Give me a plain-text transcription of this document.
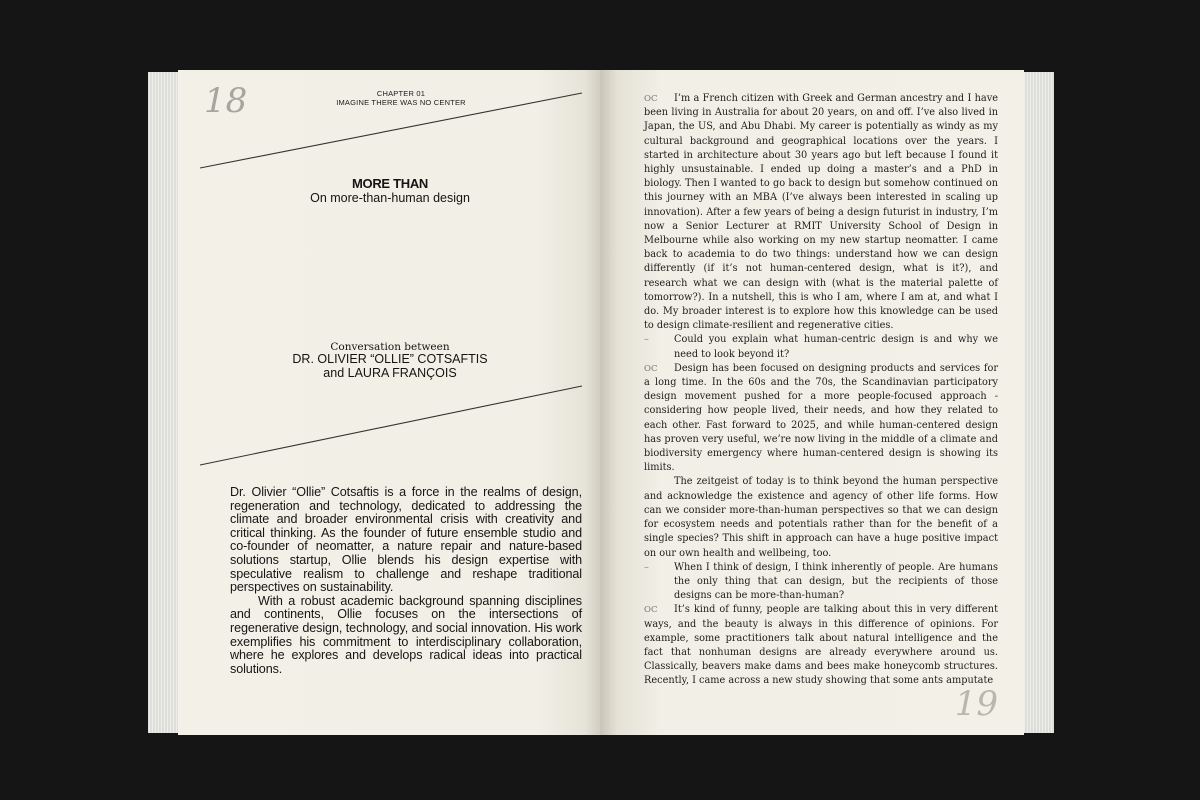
18	CHAPTER 01
IMAGINE THERE WAS NO CENTER
MORE THAN
On more-than-human design
Conversation between
DR. OLIVIER “OLLIE” COTSAFTIS
and LAURA FRANÇOIS

Dr. Olivier “Ollie” Cotsaftis is a force in the realms of design, regeneration and technology, dedicated to addressing the climate and broader environmental crisis with creativity and critical thinking. As the founder of future ensemble studio and co-founder of neomatter, a nature repair and nature-based solutions startup, Ollie blends his design expertise with speculative realism to challenge and reshape traditional perspectives on sustainability.

With a robust academic background spanning disciplines and continents, Ollie focuses on the intersections of regenerative design, technology, and social innovation. His work exemplifies his commitment to interdisciplinary collaboration, where he explores and develops radical ideas into practical solutions.

OC I’m a French citizen with Greek and German ancestry and I have been living in Australia for about 20 years, on and off. I’ve also lived in Japan, the US, and Abu Dhabi. My career is potentially as windy as my cultural background and geographical locations over the years. I started in architecture about 30 years ago but left because I found it highly unsustainable. I ended up doing a master’s and a PhD in biology. Then I wanted to go back to design but somehow continued on this journey with an MBA (I’ve always been interested in scaling up innovation). After a few years of being a design futurist in industry, I’m now a Senior Lecturer at RMIT University School of Design in Melbourne while also working on my new startup neomatter. I came back to academia to do two things: understand how we can design differently (if it’s not human-centered design, what is it?), and research what we can design with (what is the material palette of tomorrow?). In a nutshell, this is who I am, where I am at, and what I do. My broader interest is to explore how this knowledge can be used to design climate-resilient and regenerative cities.

–	Could you explain what human-centric design is and why we need to look beyond it?

OC Design has been focused on designing products and services for a long time. In the 60s and the 70s, the Scandinavian participatory design movement pushed for a more people-focused approach - considering how people lived, their needs, and how they related to each other. Fast forward to 2025, and while human-centered design has proven very useful, we’re now living in the middle of a climate and biodiversity emergency where human-centered design is showing its limits.

The zeitgeist of today is to think beyond the human perspective and acknowledge the existence and agency of other life forms. How can we consider more-than-human perspectives so that we can design for ecosystem needs and potentials rather than for the benefit of a single species? This shift in approach can have a huge positive impact on our own health and wellbeing, too.

–	When I think of design, I think inherently of people. Are humans the only thing that can design, but the recipients of those designs can be more-than-human?

OC It’s kind of funny, people are talking about this in very different ways, and the beauty is always in this difference of opinions. For example, some practitioners talk about natural intelligence and the fact that nonhuman designs are already everywhere around us. Classically, beavers make dams and bees make honeycomb structures. Recently, I came across a new study showing that some ants amputate

19
